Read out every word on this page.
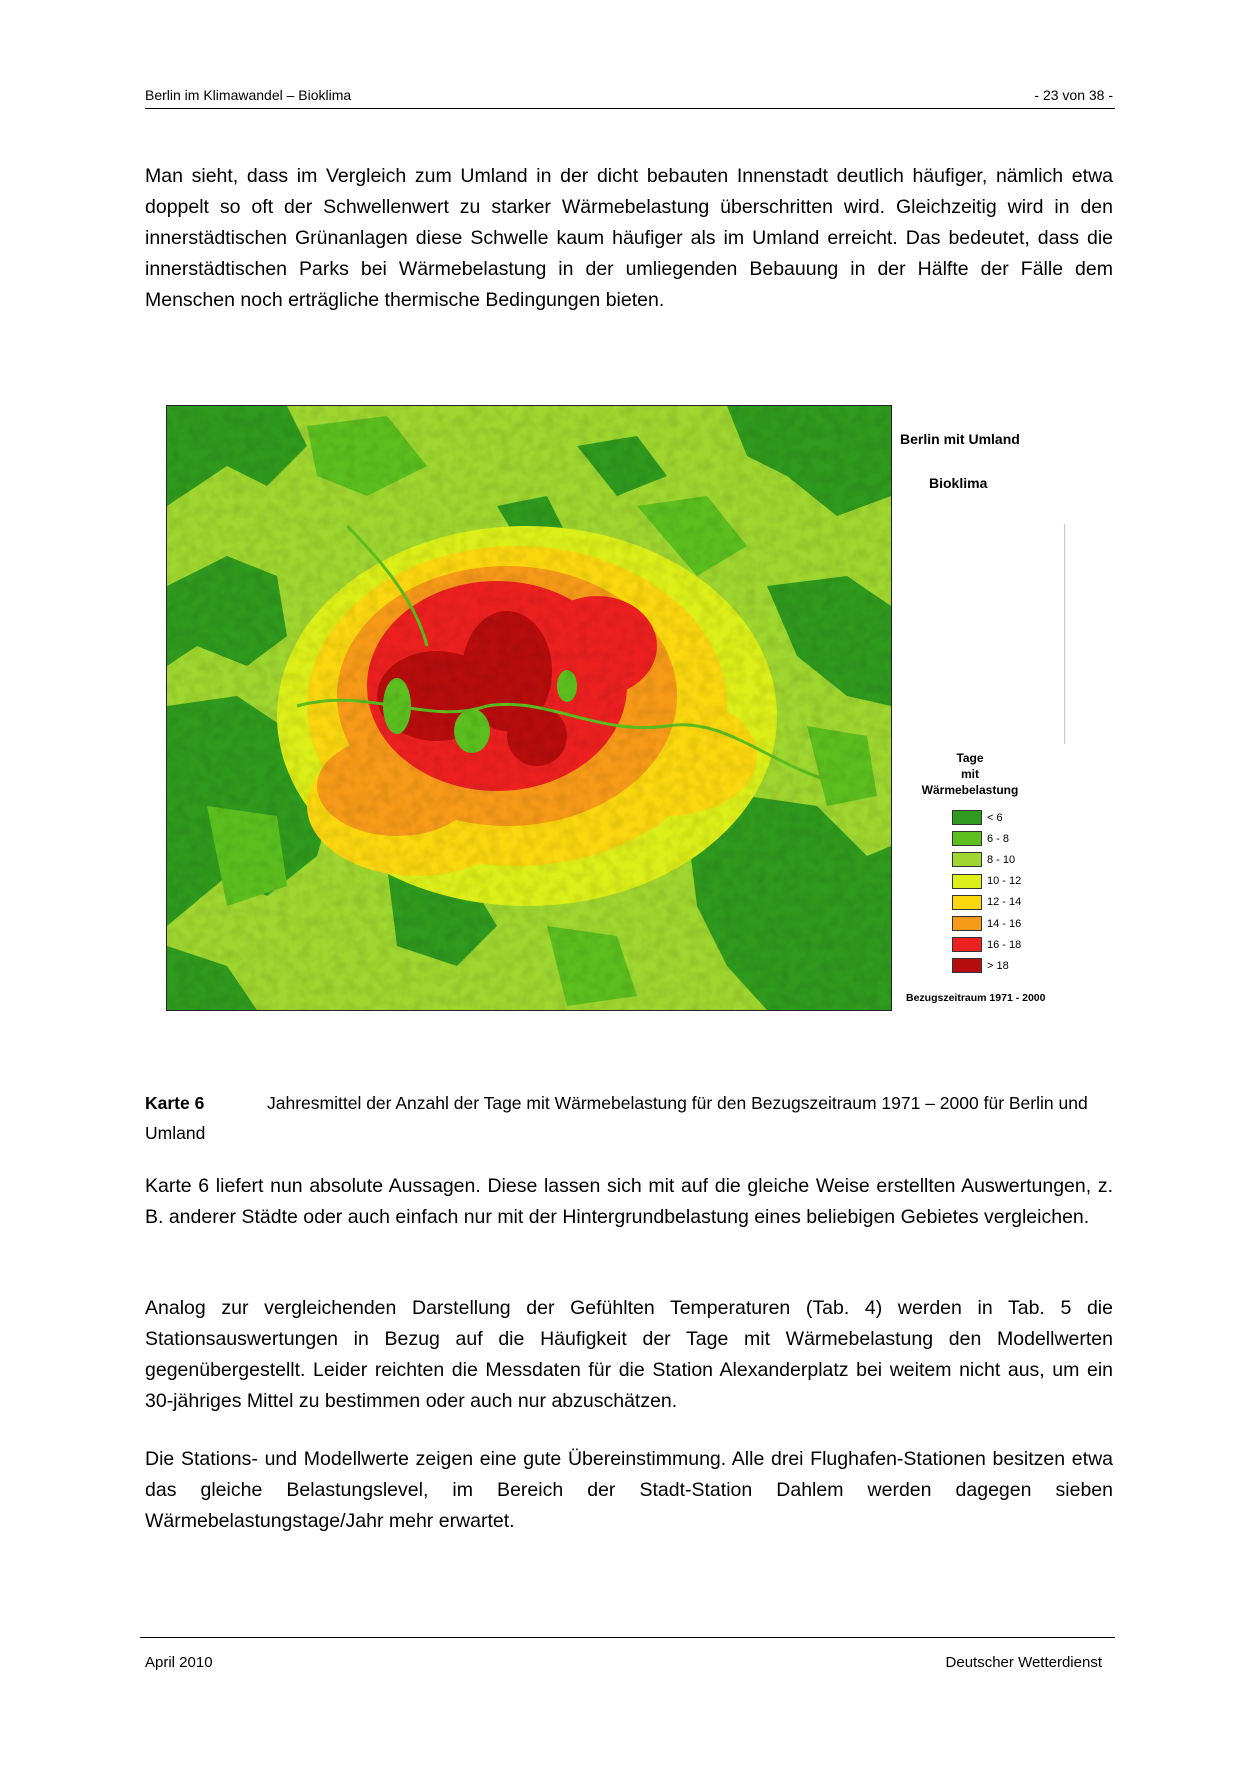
Berlin im Klimawandel – Bioklima	- 23 von 38 -

Man sieht, dass im Vergleich zum Umland in der dicht bebauten Innenstadt deutlich häufiger, nämlich etwa doppelt so oft der Schwellenwert zu starker Wärmebelastung überschritten wird. Gleichzeitig wird in den innerstädtischen Grünanlagen diese Schwelle kaum häufiger als im Umland erreicht. Das bedeutet, dass die innerstädtischen Parks bei Wärmebelastung in der umliegenden Bebauung in der Hälfte der Fälle dem Menschen noch erträgliche thermische Bedingungen bieten.

Berlin mit Umland
Bioklima
Tage
mit
Wärmebelastung
< 6
6 - 8
8 - 10
10 - 12
12 - 14
14 - 16
16 - 18
> 18
Bezugszeitraum 1971 - 2000
Karte 6	Jahresmittel der Anzahl der Tage mit Wärmebelastung für den Bezugszeitraum 1971 – 2000 für Berlin und Umland

Karte 6 liefert nun absolute Aussagen. Diese lassen sich mit auf die gleiche Weise erstellten Auswertungen, z. B. anderer Städte oder auch einfach nur mit der Hintergrundbelastung eines beliebigen Gebietes vergleichen.

Analog zur vergleichenden Darstellung der Gefühlten Temperaturen (Tab. 4) werden in Tab. 5 die Stationsauswertungen in Bezug auf die Häufigkeit der Tage mit Wärmebelastung den Modellwerten gegenübergestellt. Leider reichten die Messdaten für die Station Alexanderplatz bei weitem nicht aus, um ein 30-jähriges Mittel zu bestimmen oder auch nur abzuschätzen.

Die Stations- und Modellwerte zeigen eine gute Übereinstimmung. Alle drei Flughafen-Stationen besitzen etwa das gleiche Belastungslevel, im Bereich der Stadt-Station Dahlem werden dagegen sieben Wärmebelastungstage/Jahr mehr erwartet.

April 2010	Deutscher Wetterdienst
